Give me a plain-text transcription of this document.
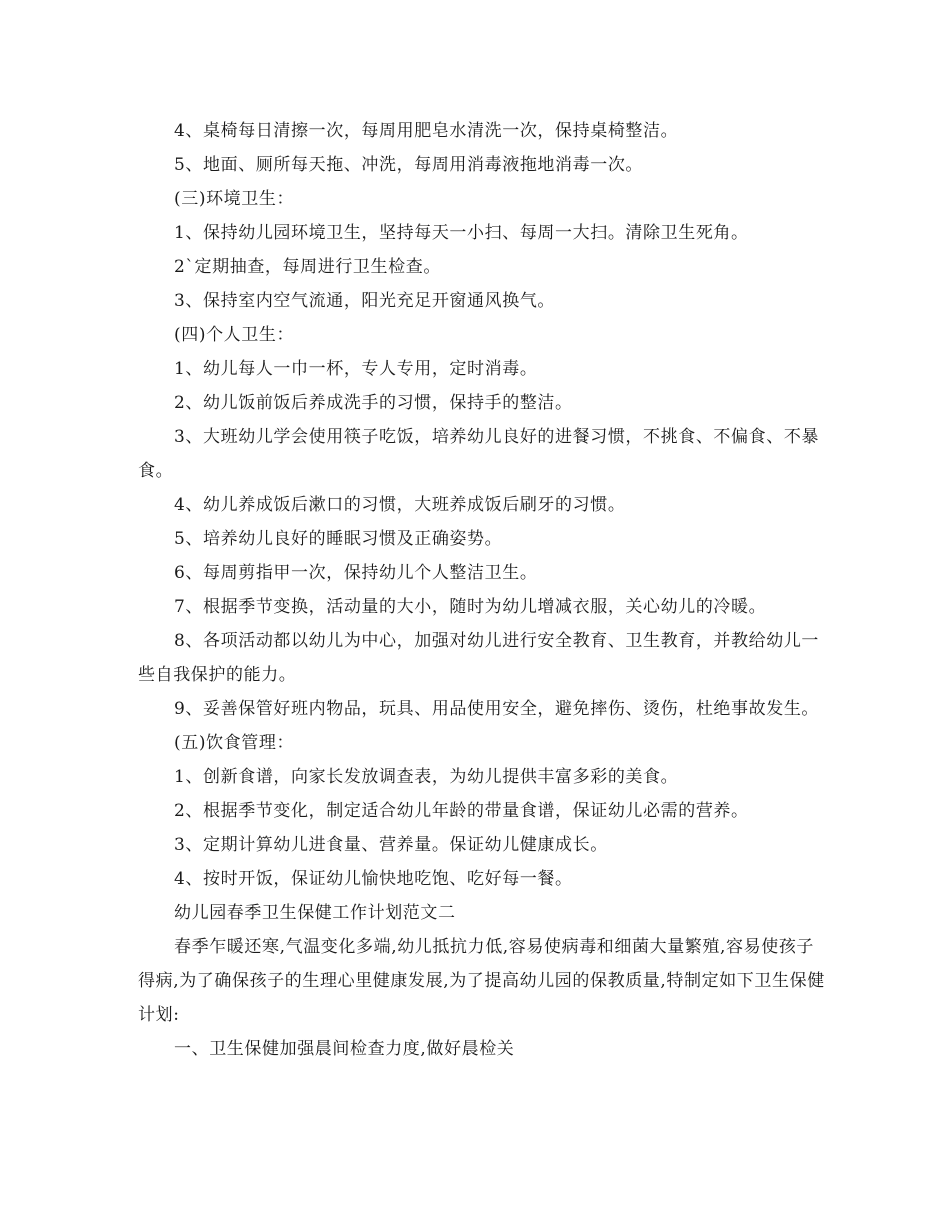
4、桌椅每日清擦一次，每周用肥皂水清洗一次，保持桌椅整洁。

5、地面、厕所每天拖、冲洗，每周用消毒液拖地消毒一次。

(三)环境卫生：

1、保持幼儿园环境卫生，坚持每天一小扫、每周一大扫。清除卫生死角。

2`定期抽查，每周进行卫生检查。

3、保持室内空气流通，阳光充足开窗通风换气。

(四)个人卫生：

1、幼儿每人一巾一杯，专人专用，定时消毒。

2、幼儿饭前饭后养成洗手的习惯，保持手的整洁。

3、大班幼儿学会使用筷子吃饭，培养幼儿良好的进餐习惯，不挑食、不偏食、不暴食。

4、幼儿养成饭后漱口的习惯，大班养成饭后刷牙的习惯。

5、培养幼儿良好的睡眠习惯及正确姿势。

6、每周剪指甲一次，保持幼儿个人整洁卫生。

7、根据季节变换，活动量的大小，随时为幼儿增减衣服，关心幼儿的冷暖。

8、各项活动都以幼儿为中心，加强对幼儿进行安全教育、卫生教育，并教给幼儿一些自我保护的能力。

9、妥善保管好班内物品，玩具、用品使用安全，避免摔伤、烫伤，杜绝事故发生。

(五)饮食管理：

1、创新食谱，向家长发放调查表，为幼儿提供丰富多彩的美食。

2、根据季节变化，制定适合幼儿年龄的带量食谱，保证幼儿必需的营养。

3、定期计算幼儿进食量、营养量。保证幼儿健康成长。

4、按时开饭，保证幼儿愉快地吃饱、吃好每一餐。

幼儿园春季卫生保健工作计划范文二

春季乍暖还寒,气温变化多端,幼儿抵抗力低,容易使病毒和细菌大量繁殖,容易使孩子得病,为了确保孩子的生理心里健康发展,为了提高幼儿园的保教质量,特制定如下卫生保健计划:

一、卫生保健加强晨间检查力度,做好晨检关
